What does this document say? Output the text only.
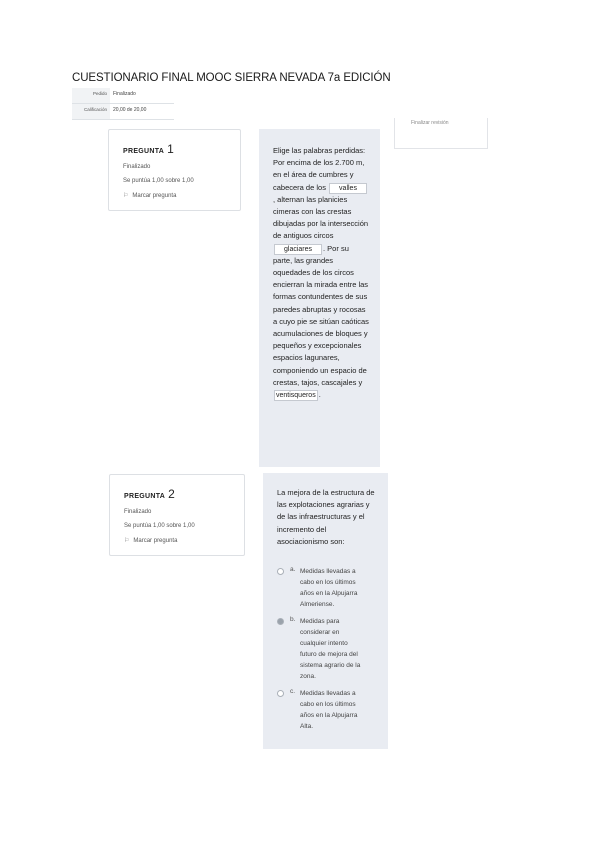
CUESTIONARIO FINAL MOOC SIERRA NEVADA 7a EDICIÓN
Pedido	Finalizado
Calificación	20,00 de 20,00
Finalizar revisión
PREGUNTA 1
Finalizado
Se puntúa 1,00 sobre 1,00
⚐ Marcar pregunta
Elige las palabras perdidas: Por encima de los 2.700 m, en el área de cumbres y cabecera de los valles, alternan las planicies cimeras con las crestas dibujadas por la intersección de antiguos circos glaciares . Por su parte, las grandes oquedades de los circos encierran la mirada entre las formas contundentes de sus paredes abruptas y rocosas a cuyo pie se sitúan caóticas acumulaciones de bloques y pequeños y excepcionales espacios lagunares, componiendo un espacio de crestas, tajos, cascajales y ventisqueros .
PREGUNTA 2
Finalizado
Se puntúa 1,00 sobre 1,00
⚐ Marcar pregunta
La mejora de la estructura de las explotaciones agrarias y de las infraestructuras y el incremento del asociacionismo son:
a. Medidas llevadas a cabo en los últimos años en la Alpujarra Almeriense.
b. Medidas para considerar en cualquier intento futuro de mejora del sistema agrario de la zona.
c. Medidas llevadas a cabo en los últimos años en la Alpujarra Alta.
